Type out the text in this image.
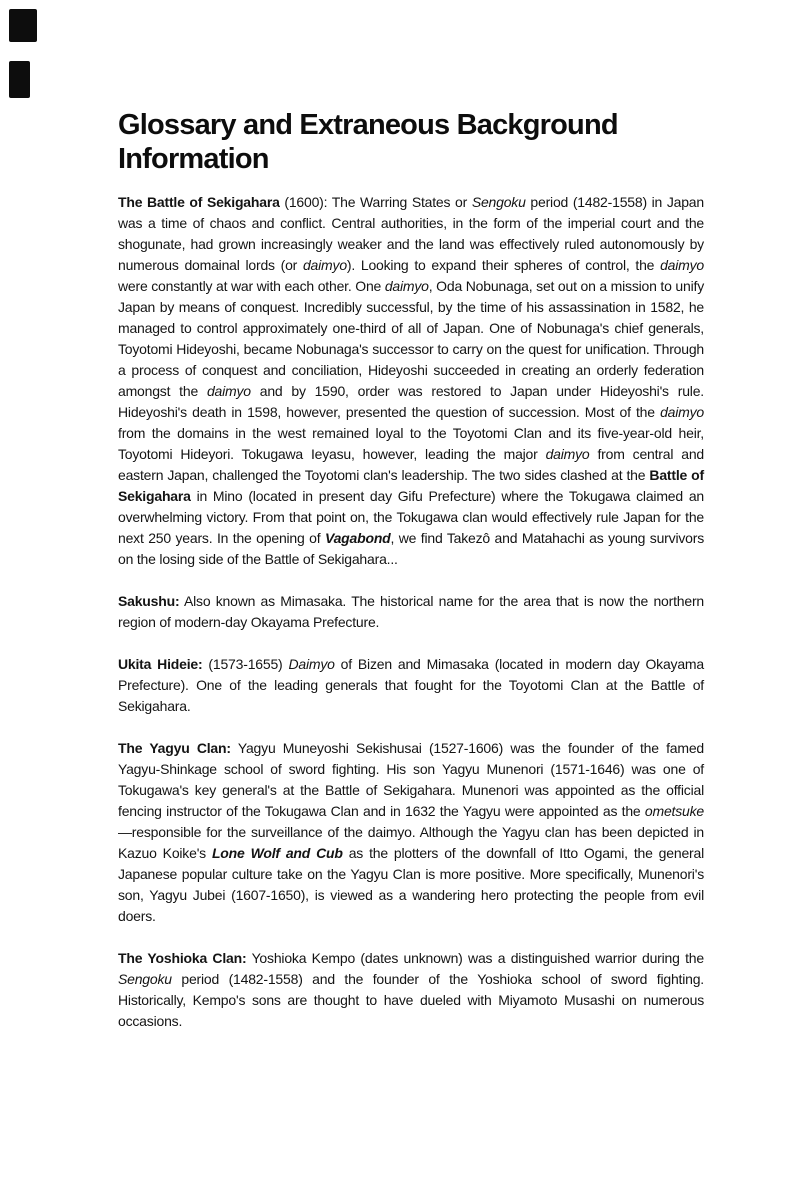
Glossary and Extraneous Background Information

The Battle of Sekigahara (1600): The Warring States or Sengoku period (1482-1558) in Japan was a time of chaos and conflict. Central authorities, in the form of the imperial court and the shogunate, had grown increasingly weaker and the land was effectively ruled autonomously by numerous domainal lords (or daimyo). Looking to expand their spheres of control, the daimyo were constantly at war with each other. One daimyo, Oda Nobunaga, set out on a mission to unify Japan by means of conquest. Incredibly successful, by the time of his assassination in 1582, he managed to control approximately one-third of all of Japan. One of Nobunaga's chief generals, Toyotomi Hideyoshi, became Nobunaga's successor to carry on the quest for unification. Through a process of conquest and conciliation, Hideyoshi succeeded in creating an orderly federation amongst the daimyo and by 1590, order was restored to Japan under Hideyoshi's rule. Hideyoshi's death in 1598, however, presented the question of succession. Most of the daimyo from the domains in the west remained loyal to the Toyotomi Clan and its five-year-old heir, Toyotomi Hideyori. Tokugawa Ieyasu, however, leading the major daimyo from central and eastern Japan, challenged the Toyotomi clan's leadership. The two sides clashed at the Battle of Sekigahara in Mino (located in present day Gifu Prefecture) where the Tokugawa claimed an overwhelming victory. From that point on, the Tokugawa clan would effectively rule Japan for the next 250 years. In the opening of Vagabond, we find Takezô and Matahachi as young survivors on the losing side of the Battle of Sekigahara...

Sakushu: Also known as Mimasaka. The historical name for the area that is now the northern region of modern-day Okayama Prefecture.

Ukita Hideie: (1573-1655) Daimyo of Bizen and Mimasaka (located in modern day Okayama Prefecture). One of the leading generals that fought for the Toyotomi Clan at the Battle of Sekigahara.

The Yagyu Clan: Yagyu Muneyoshi Sekishusai (1527-1606) was the founder of the famed Yagyu-Shinkage school of sword fighting. His son Yagyu Munenori (1571-1646) was one of Tokugawa's key general's at the Battle of Sekigahara. Munenori was appointed as the official fencing instructor of the Tokugawa Clan and in 1632 the Yagyu were appointed as the ometsuke—responsible for the surveillance of the daimyo. Although the Yagyu clan has been depicted in Kazuo Koike's Lone Wolf and Cub as the plotters of the downfall of Itto Ogami, the general Japanese popular culture take on the Yagyu Clan is more positive. More specifically, Munenori's son, Yagyu Jubei (1607-1650), is viewed as a wandering hero protecting the people from evil doers.

The Yoshioka Clan: Yoshioka Kempo (dates unknown) was a distinguished warrior during the Sengoku period (1482-1558) and the founder of the Yoshioka school of sword fighting. Historically, Kempo's sons are thought to have dueled with Miyamoto Musashi on numerous occasions.
